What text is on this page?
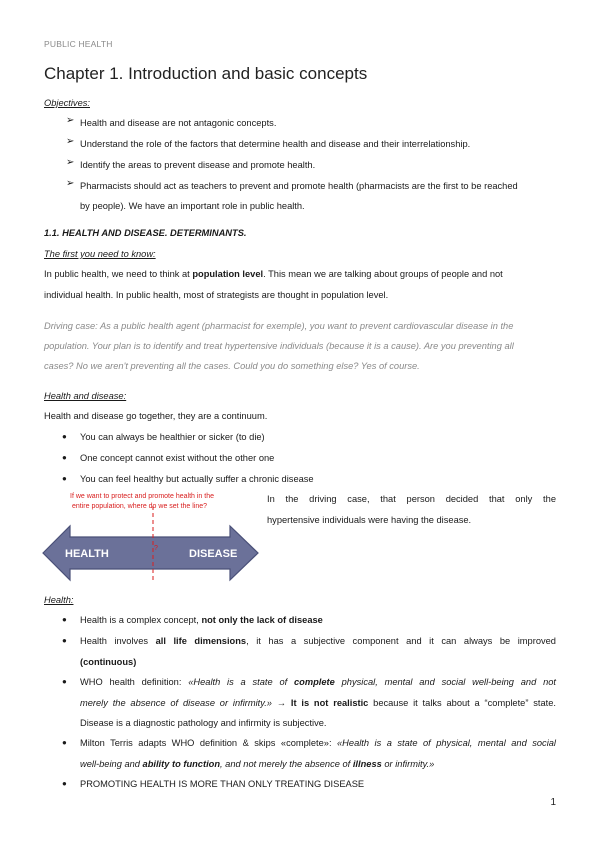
PUBLIC HEALTH
Chapter 1. Introduction and basic concepts
Objectives:
➢ Health and disease are not antagonic concepts.
➢ Understand the role of the factors that determine health and disease and their interrelationship.
➢ Identify the areas to prevent disease and promote health.
➢ Pharmacists should act as teachers to prevent and promote health (pharmacists are the first to be reached
by people). We have an important role in public health.
1.1. HEALTH AND DISEASE. DETERMINANTS.
The first you need to know:
In public health, we need to think at population level. This mean we are talking about groups of people and not
individual health. In public health, most of strategists are thought in population level.
Driving case: As a public health agent (pharmacist for exemple), you want to prevent cardiovascular disease in the
population. Your plan is to identify and treat hypertensive individuals (because it is a cause). Are you preventing all
cases? No we aren't preventing all the cases. Could you do something else? Yes of course.
Health and disease:
Health and disease go together, they are a continuum.
● You can always be healthier or sicker (to die)
● One concept cannot exist without the other one
● You can feel healthy but actually suffer a chronic disease
If we want to protect and promote health in the
entire population, where do we set the line?
?
HEALTH	DISEASE
In the driving case, that person decided that only the
hypertensive individuals were having the disease.
Health:
● Health is a complex concept, not only the lack of disease
● Health involves all life dimensions, it has a subjective component and it can always be improved
(continuous)
● WHO health definition: «Health is a state of complete physical, mental and social well-being and not
merely the absence of disease or infirmity.» → It is not realistic because it talks about a “complete” state.
Disease is a diagnostic pathology and infirmity is subjective.
● Milton Terris adapts WHO definition & skips «complete»: «Health is a state of physical, mental and social
well-being and ability to function, and not merely the absence of illness or infirmity.»
● PROMOTING HEALTH IS MORE THAN ONLY TREATING DISEASE
1
